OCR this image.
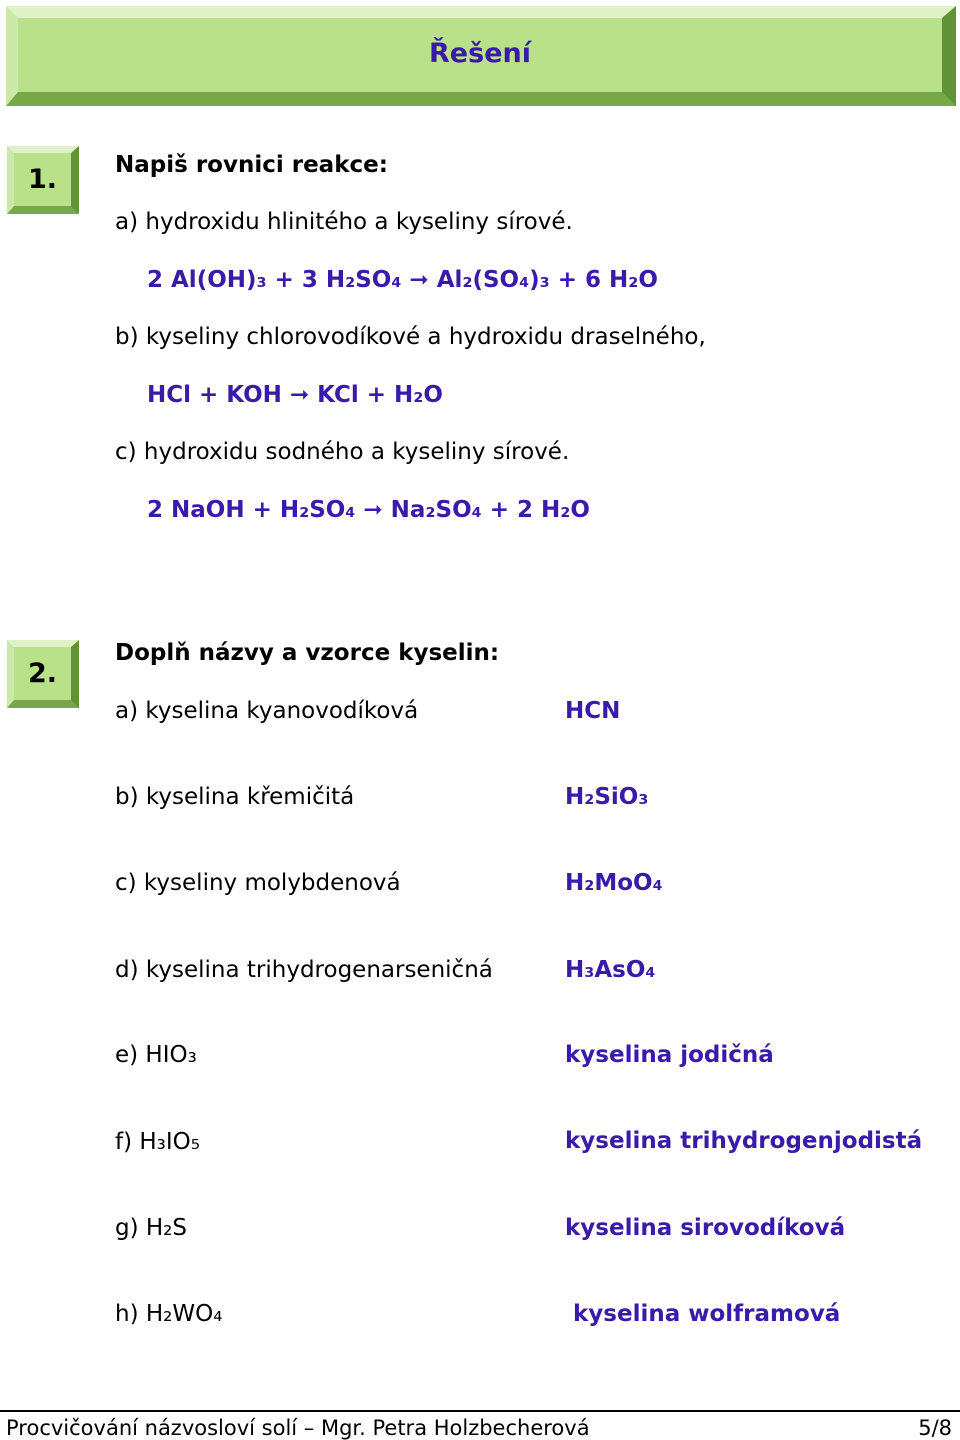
Řešení
1.	Napiš rovnici reakce:
a) hydroxidu hlinitého a kyseliny sírové.
2 Al(OH)₃ + 3 H₂SO₄ ➞ Al₂(SO₄)₃ + 6 H₂O
b) kyseliny chlorovodíkové a hydroxidu draselného,
HCl + KOH ➞ KCl + H₂O
c) hydroxidu sodného a kyseliny sírové.
2 NaOH + H₂SO₄ ➞ Na₂SO₄ + 2 H₂O
2.
Doplň názvy a vzorce kyselin:
a) kyselina kyanovodíková	HCN
b) kyselina křemičitá	H₂SiO₃
c) kyseliny molybdenová	H₂MoO₄
d) kyselina trihydrogenarseničná	H₃AsO₄
e) HIO₃	kyselina jodičná
f) H₃IO₅	kyselina trihydrogenjodistá
g) H₂S	kyselina sirovodíková
h) H₂WO₄	kyselina wolframová
Procvičování názvosloví solí – Mgr. Petra Holzbecherová	5/8
